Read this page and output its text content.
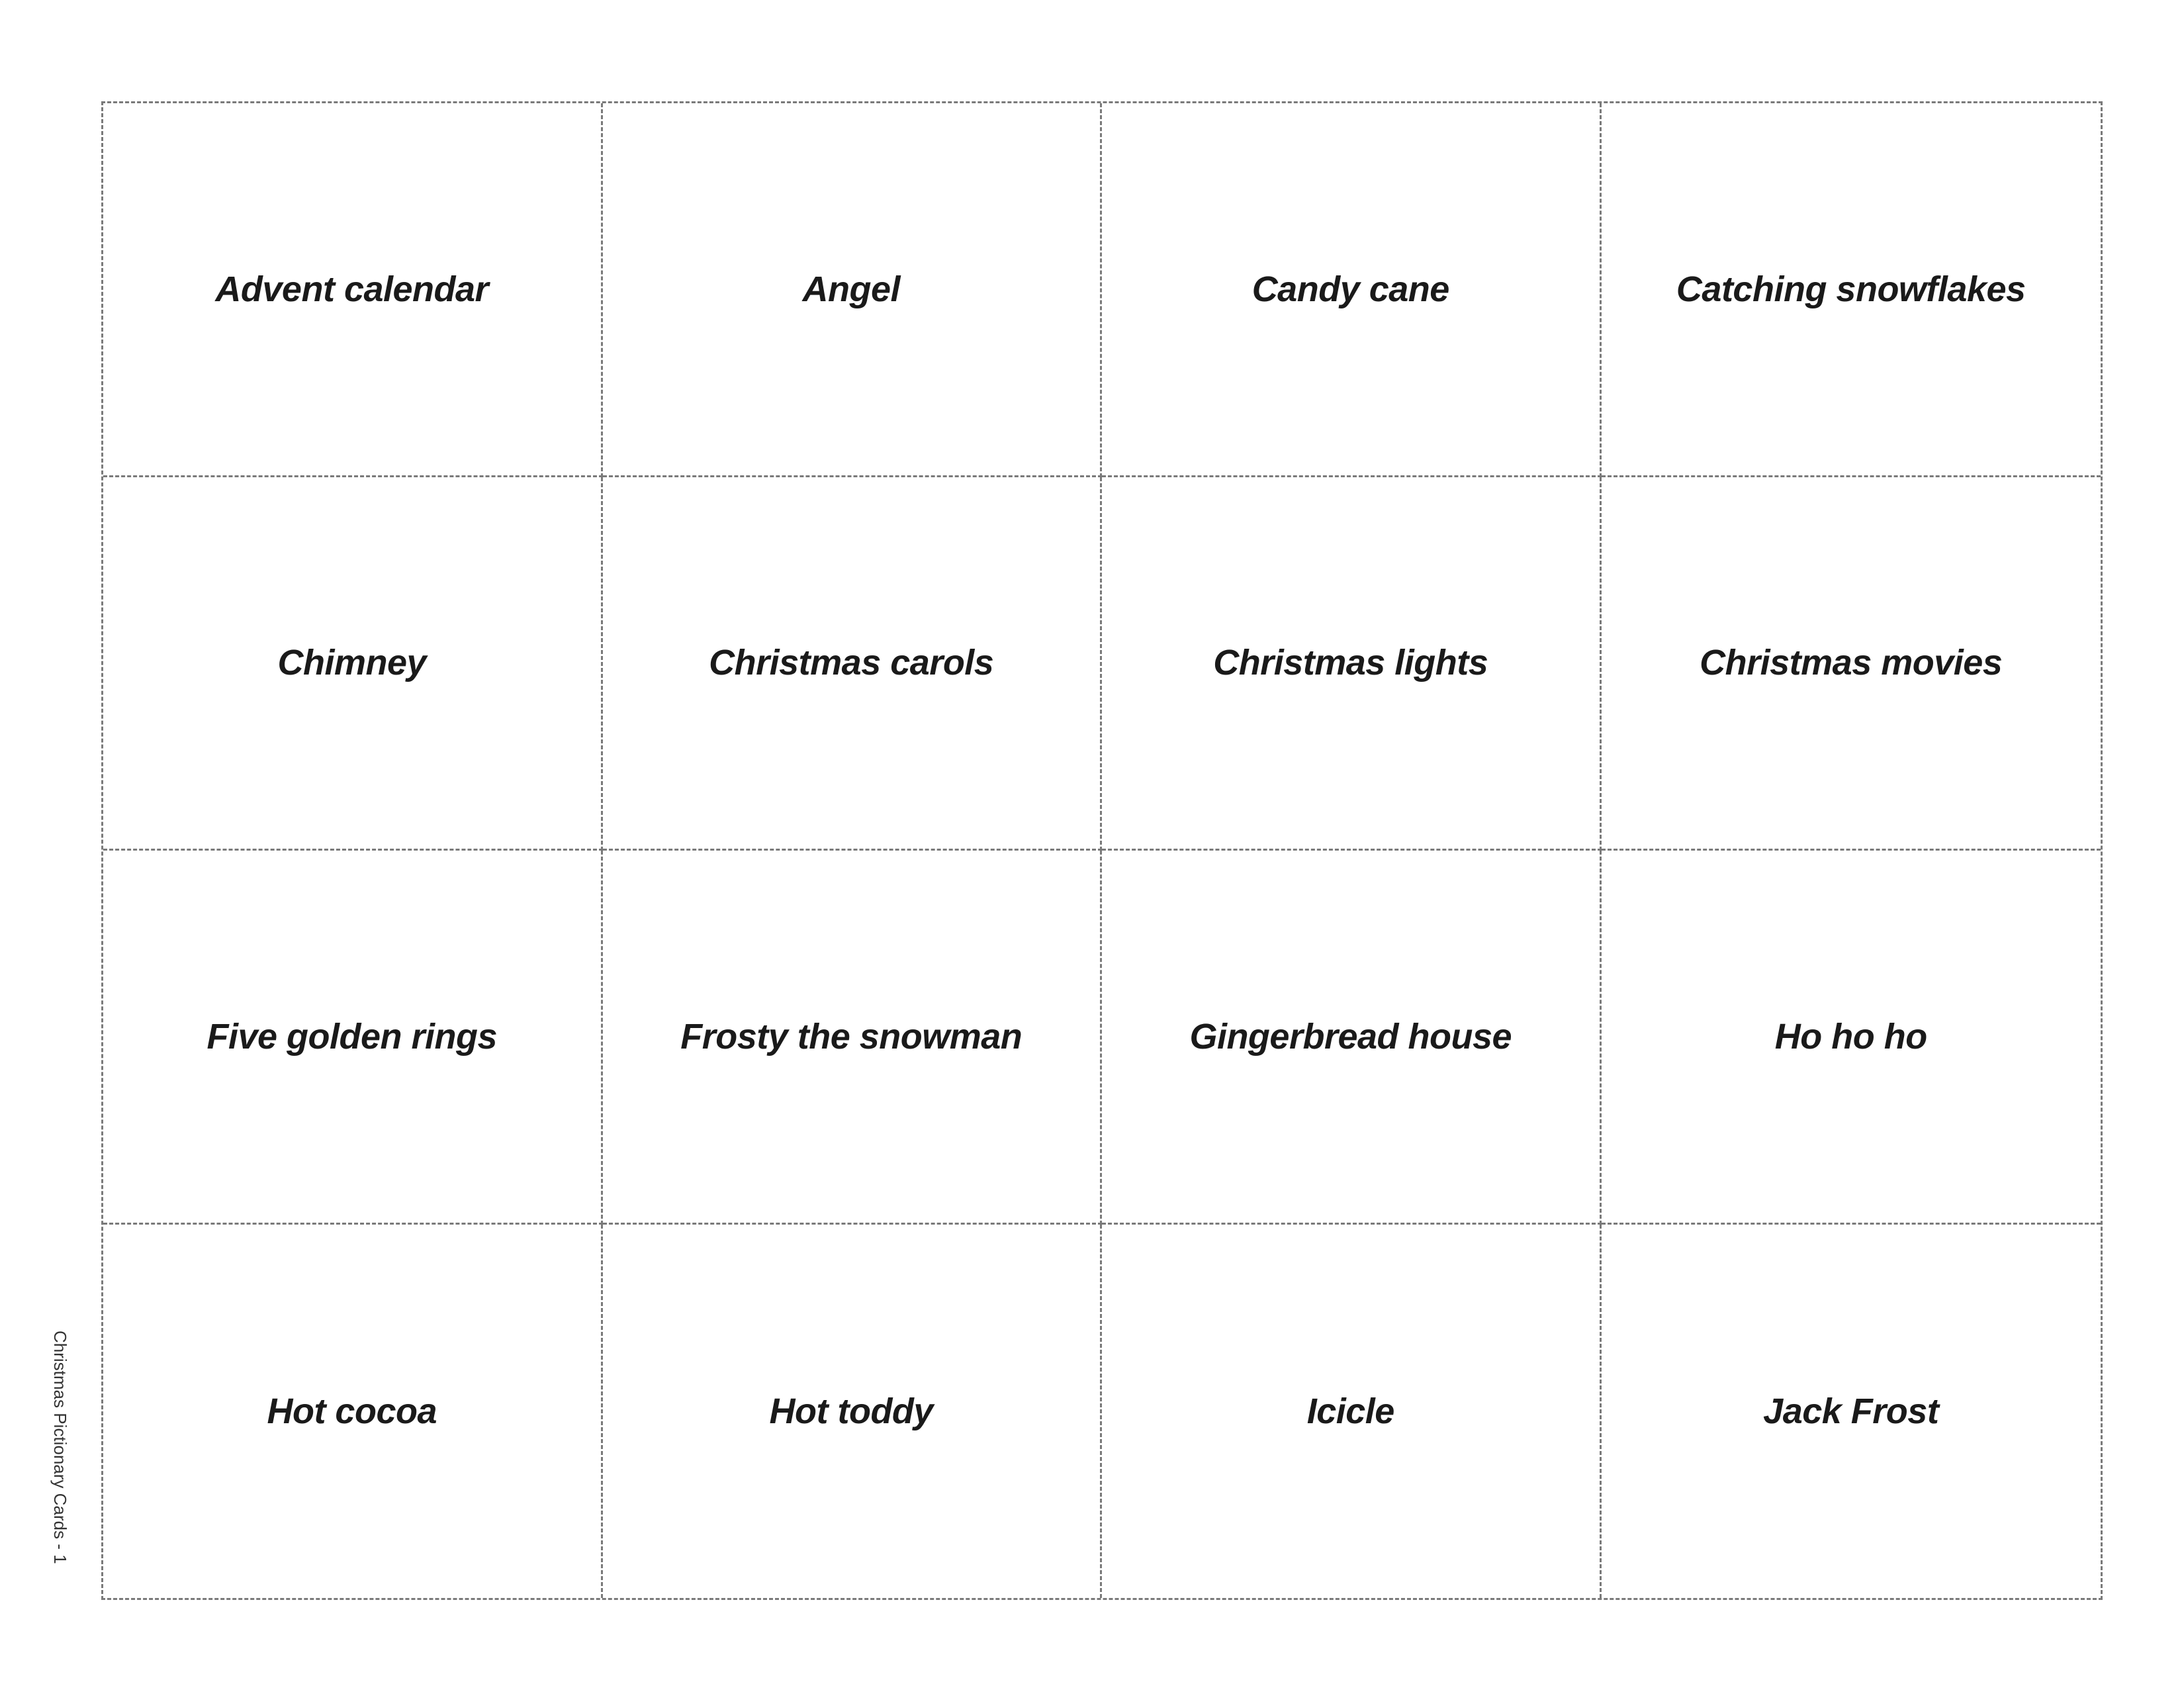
Advent calendar	Angel	Candy cane	Catching snowflakes
Chimney	Christmas carols	Christmas lights	Christmas movies
Five golden rings	Frosty the snowman	Gingerbread house	Ho ho ho
Hot cocoa	Hot toddy	Icicle	Jack Frost
Christmas Pictionary Cards - 1
